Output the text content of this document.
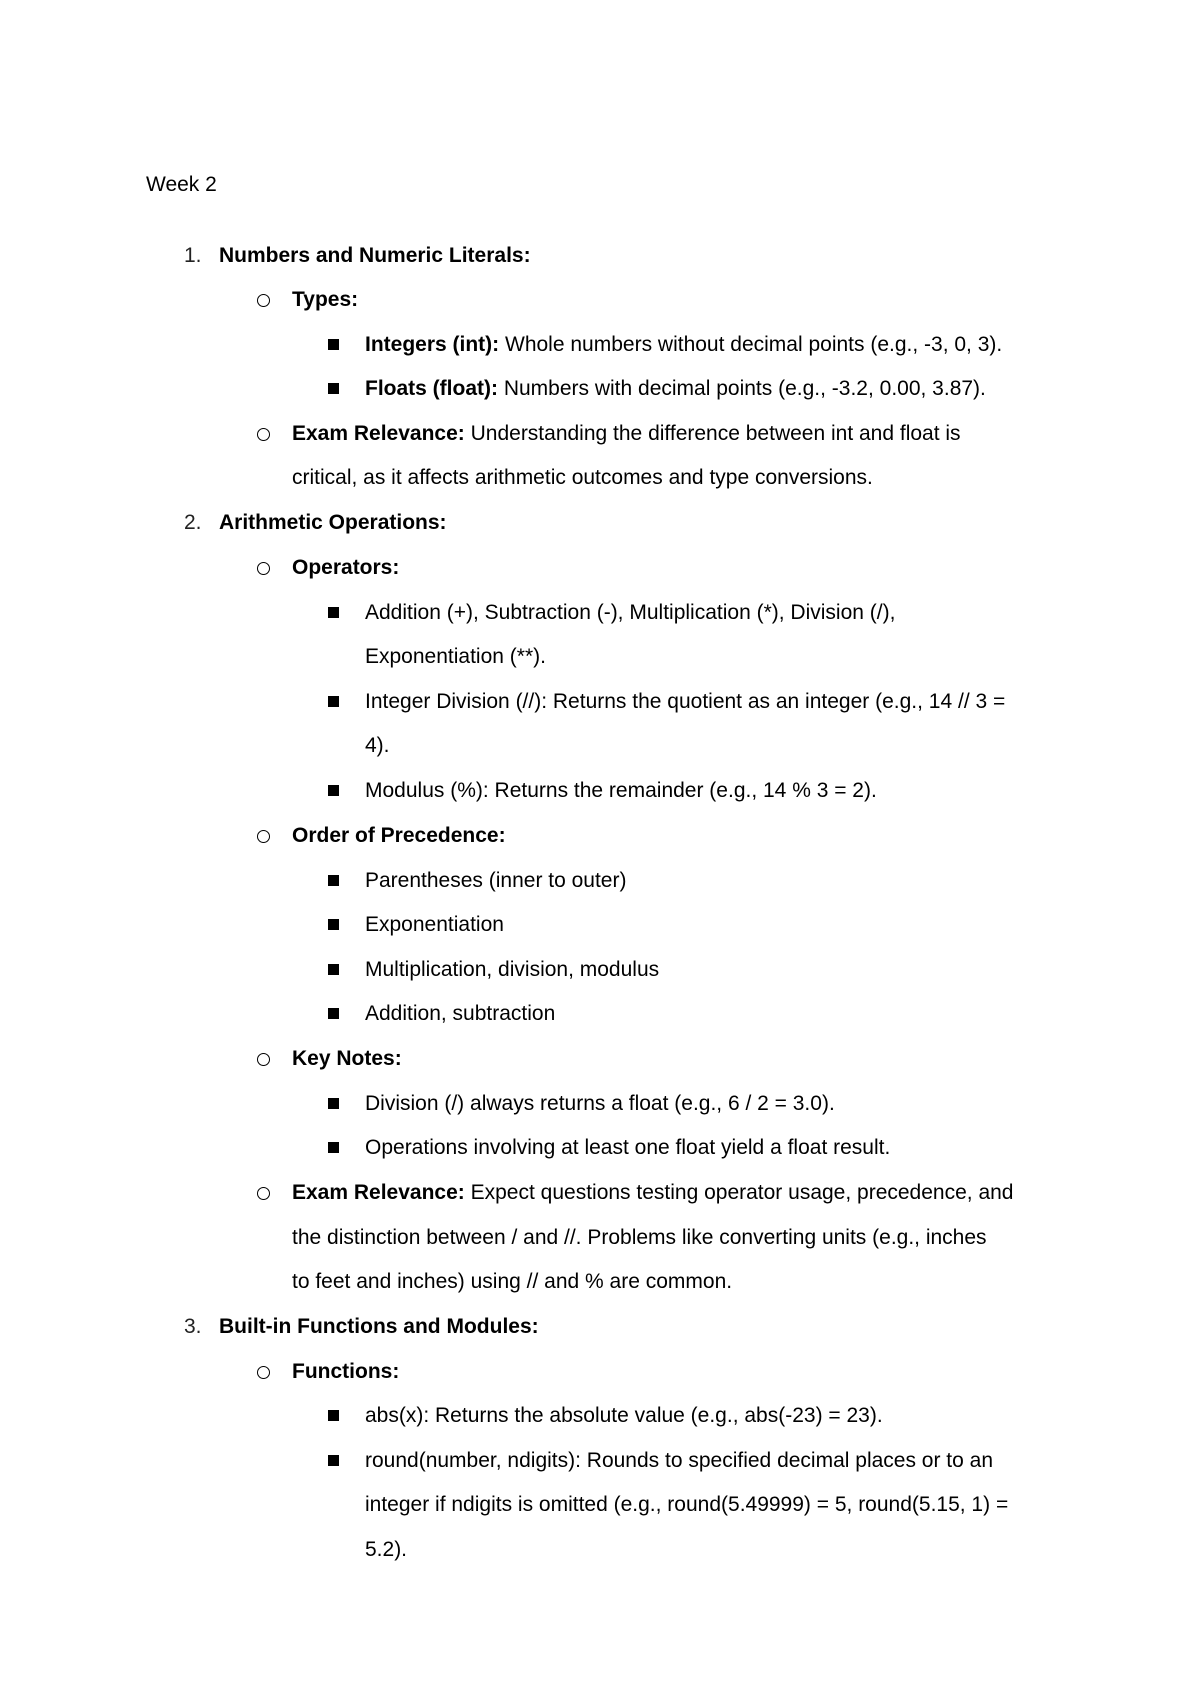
Week 2
1. Numbers and Numeric Literals:
Types:
Integers (int): Whole numbers without decimal points (e.g., -3, 0, 3).
Floats (float): Numbers with decimal points (e.g., -3.2, 0.00, 3.87).
Exam Relevance: Understanding the difference between int and float is
critical, as it affects arithmetic outcomes and type conversions.
2. Arithmetic Operations:
Operators:
Addition (+), Subtraction (-), Multiplication (*), Division (/),
Exponentiation (**).
Integer Division (//): Returns the quotient as an integer (e.g., 14 // 3 =
4).
Modulus (%): Returns the remainder (e.g., 14 % 3 = 2).
Order of Precedence:
Parentheses (inner to outer)
Exponentiation
Multiplication, division, modulus
Addition, subtraction
Key Notes:
Division (/) always returns a float (e.g., 6 / 2 = 3.0).
Operations involving at least one float yield a float result.
Exam Relevance: Expect questions testing operator usage, precedence, and
the distinction between / and //. Problems like converting units (e.g., inches
to feet and inches) using // and % are common.
3. Built-in Functions and Modules:
Functions:
abs(x): Returns the absolute value (e.g., abs(-23) = 23).
round(number, ndigits): Rounds to specified decimal places or to an
integer if ndigits is omitted (e.g., round(5.49999) = 5, round(5.15, 1) =
5.2).
